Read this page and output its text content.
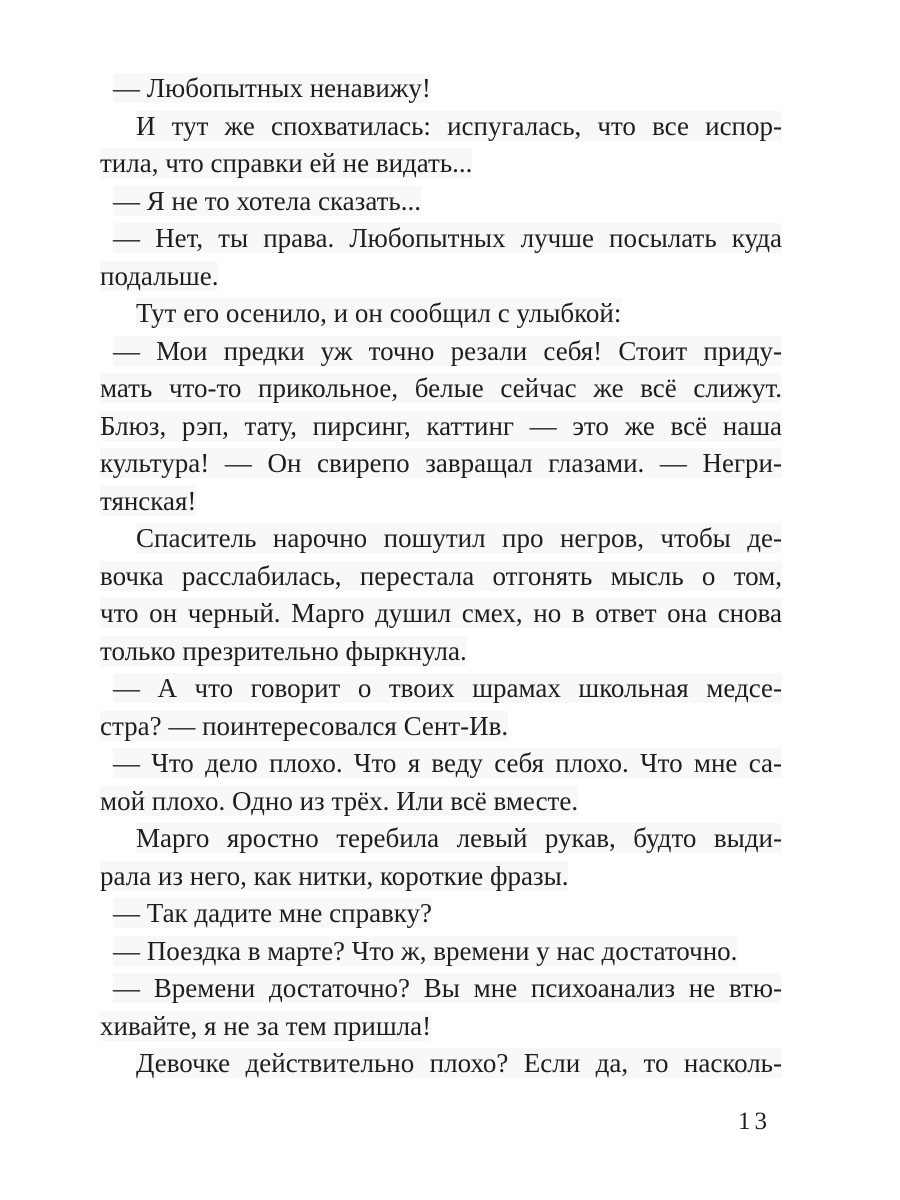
— Любопытных ненавижу!
И тут же спохватилась: испугалась, что все испор-
тила, что справки ей не видать...
— Я не то хотела сказать...
— Нет, ты права. Любопытных лучше посылать куда
подальше.
Тут его осенило, и он сообщил с улыбкой:
— Мои предки уж точно резали себя! Стоит приду-
мать что-то прикольное, белые сейчас же всё слижут.
Блюз, рэп, тату, пирсинг, каттинг — это же всё наша
культура! — Он свирепо завращал глазами. — Негри-
тянская!
Спаситель нарочно пошутил про негров, чтобы де-
вочка расслабилась, перестала отгонять мысль о том,
что он черный. Марго душил смех, но в ответ она снова
только презрительно фыркнула.
— А что говорит о твоих шрамах школьная медсе-
стра? — поинтересовался Сент-Ив.
— Что дело плохо. Что я веду себя плохо. Что мне са-
мой плохо. Одно из трёх. Или всё вместе.
Марго яростно теребила левый рукав, будто выди-
рала из него, как нитки, короткие фразы.
— Так дадите мне справку?
— Поездка в марте? Что ж, времени у нас достаточно.
— Времени достаточно? Вы мне психоанализ не втю-
хивайте, я не за тем пришла!
Девочке действительно плохо? Если да, то насколь-
13
